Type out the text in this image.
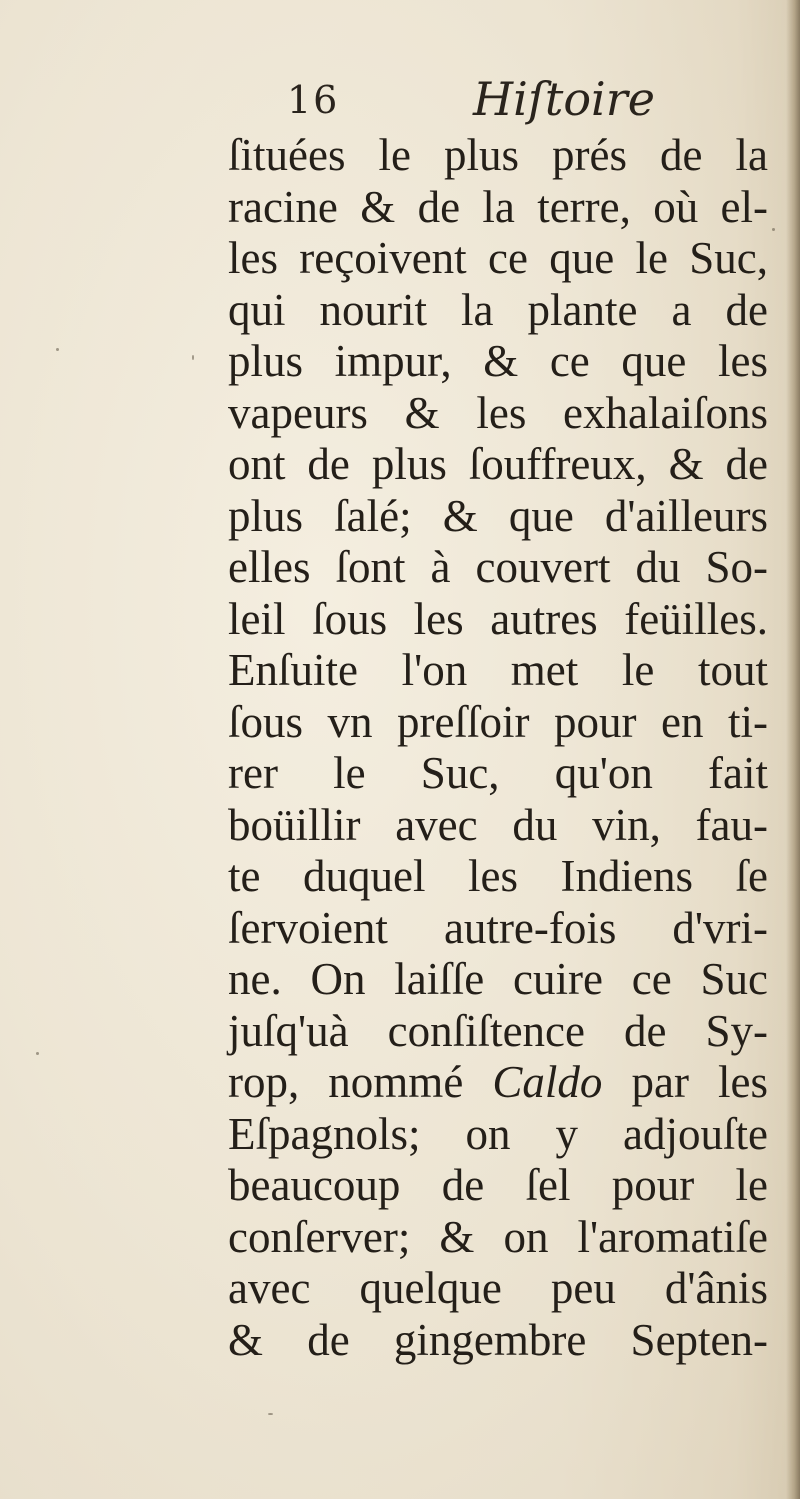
16	Hiſtoire
ſituées le plus prés de la
racine & de la terre, où el-
les reçoivent ce que le Suc,
qui nourit la plante a de
plus impur, & ce que les
vapeurs & les exhalaiſons
ont de plus ſouffreux, & de
plus ſalé; & que d'ailleurs
elles ſont à couvert du So-
leil ſous les autres feüilles.
Enſuite l'on met le tout
ſous vn preſſoir pour en ti-
rer le Suc, qu'on fait
boüillir avec du vin, fau-
te duquel les Indiens ſe
ſervoient autre-fois d'vri-
ne. On laiſſe cuire ce Suc
juſq'uà conſiſtence de Sy-
rop, nommé Caldo par les
Eſpagnols; on y adjouſte
beaucoup de ſel pour le
conſerver; & on l'aromatiſe
avec quelque peu d'ânis
& de gingembre Septen-
